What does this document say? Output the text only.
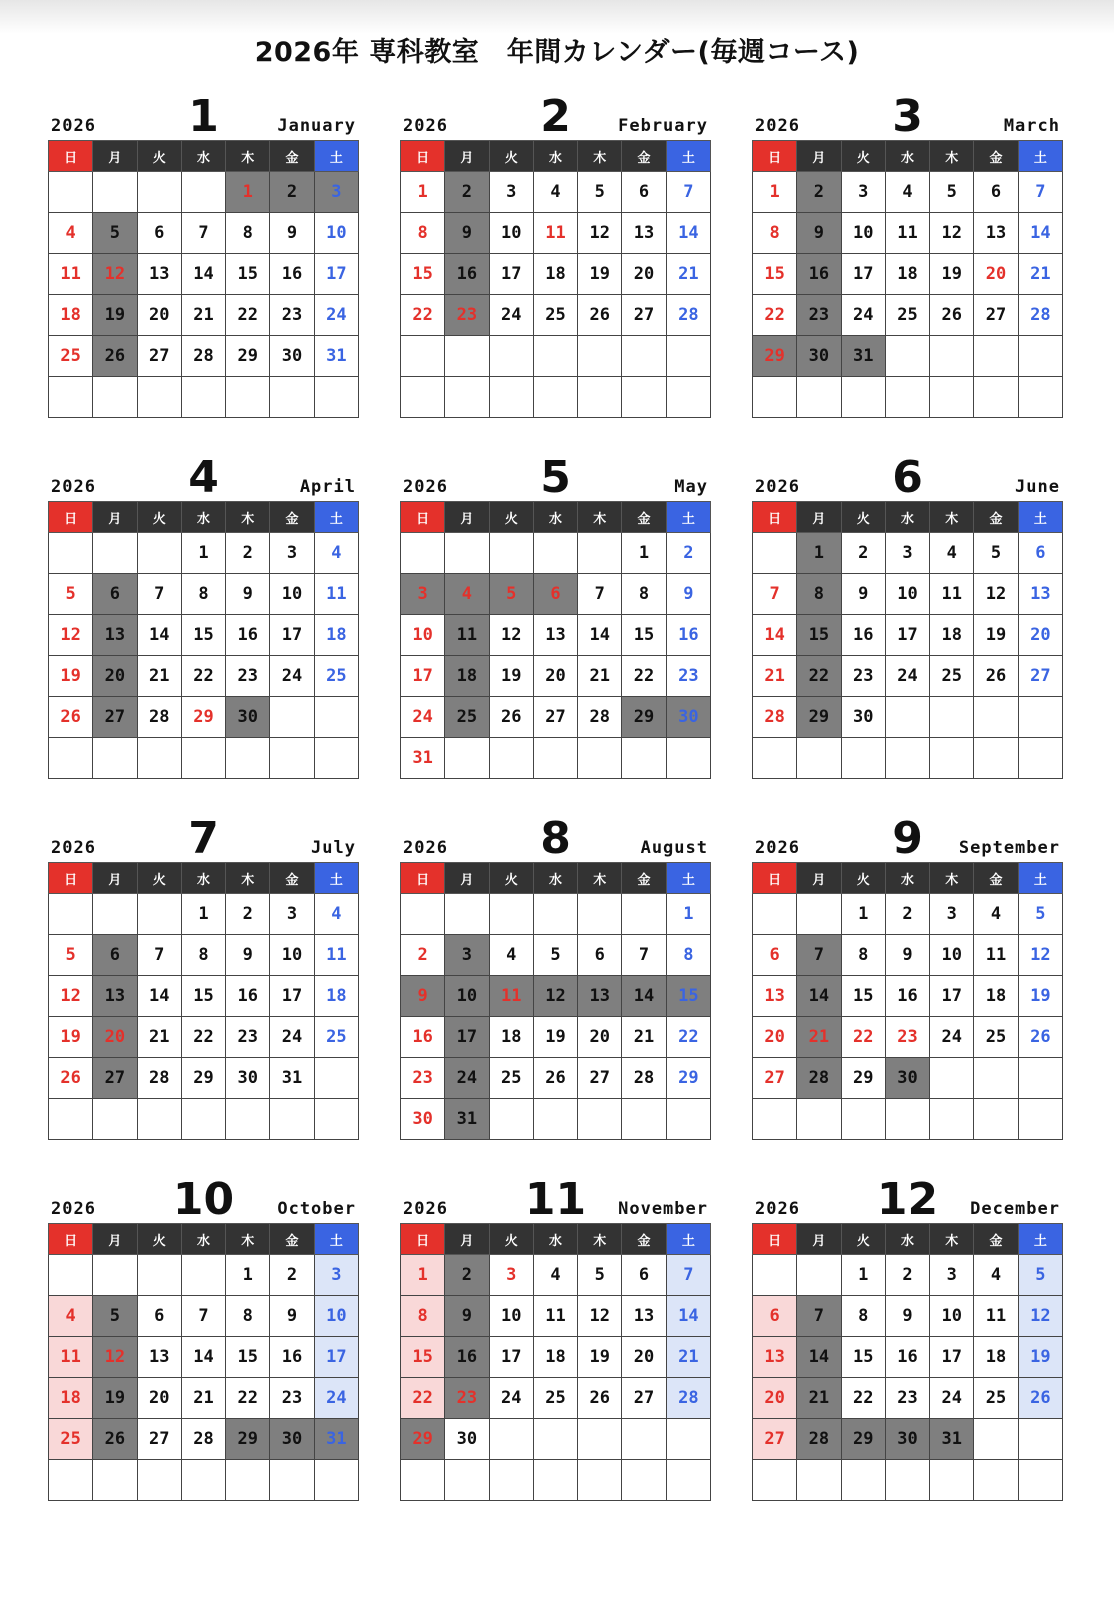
2026年 専科教室　年間カレンダー(毎週コース)
2026	1	January
日	月	火	水	木	金	土
				1	2	3
4	5	6	7	8	9	10
11	12	13	14	15	16	17
18	19	20	21	22	23	24
25	26	27	28	29	30	31

2026	2	February
日	月	火	水	木	金	土
1	2	3	4	5	6	7
8	9	10	11	12	13	14
15	16	17	18	19	20	21
22	23	24	25	26	27	28

2026	3	March
日	月	火	水	木	金	土
1	2	3	4	5	6	7
8	9	10	11	12	13	14
15	16	17	18	19	20	21
22	23	24	25	26	27	28
29	30	31				

2026	4	April
日	月	火	水	木	金	土
			1	2	3	4
5	6	7	8	9	10	11
12	13	14	15	16	17	18
19	20	21	22	23	24	25
26	27	28	29	30		

2026	5	May
日	月	火	水	木	金	土
					1	2
3	4	5	6	7	8	9
10	11	12	13	14	15	16
17	18	19	20	21	22	23
24	25	26	27	28	29	30
31						
2026	6	June
日	月	火	水	木	金	土
	1	2	3	4	5	6
7	8	9	10	11	12	13
14	15	16	17	18	19	20
21	22	23	24	25	26	27
28	29	30				

2026	7	July
日	月	火	水	木	金	土
			1	2	3	4
5	6	7	8	9	10	11
12	13	14	15	16	17	18
19	20	21	22	23	24	25
26	27	28	29	30	31	

2026	8	August
日	月	火	水	木	金	土
						1
2	3	4	5	6	7	8
9	10	11	12	13	14	15
16	17	18	19	20	21	22
23	24	25	26	27	28	29
30	31					
2026	9	September
日	月	火	水	木	金	土
		1	2	3	4	5
6	7	8	9	10	11	12
13	14	15	16	17	18	19
20	21	22	23	24	25	26
27	28	29	30			

2026	10	October
日	月	火	水	木	金	土
				1	2	3
4	5	6	7	8	9	10
11	12	13	14	15	16	17
18	19	20	21	22	23	24
25	26	27	28	29	30	31

2026	11	November
日	月	火	水	木	金	土
1	2	3	4	5	6	7
8	9	10	11	12	13	14
15	16	17	18	19	20	21
22	23	24	25	26	27	28
29	30					

2026	12	December
日	月	火	水	木	金	土
		1	2	3	4	5
6	7	8	9	10	11	12
13	14	15	16	17	18	19
20	21	22	23	24	25	26
27	28	29	30	31		
